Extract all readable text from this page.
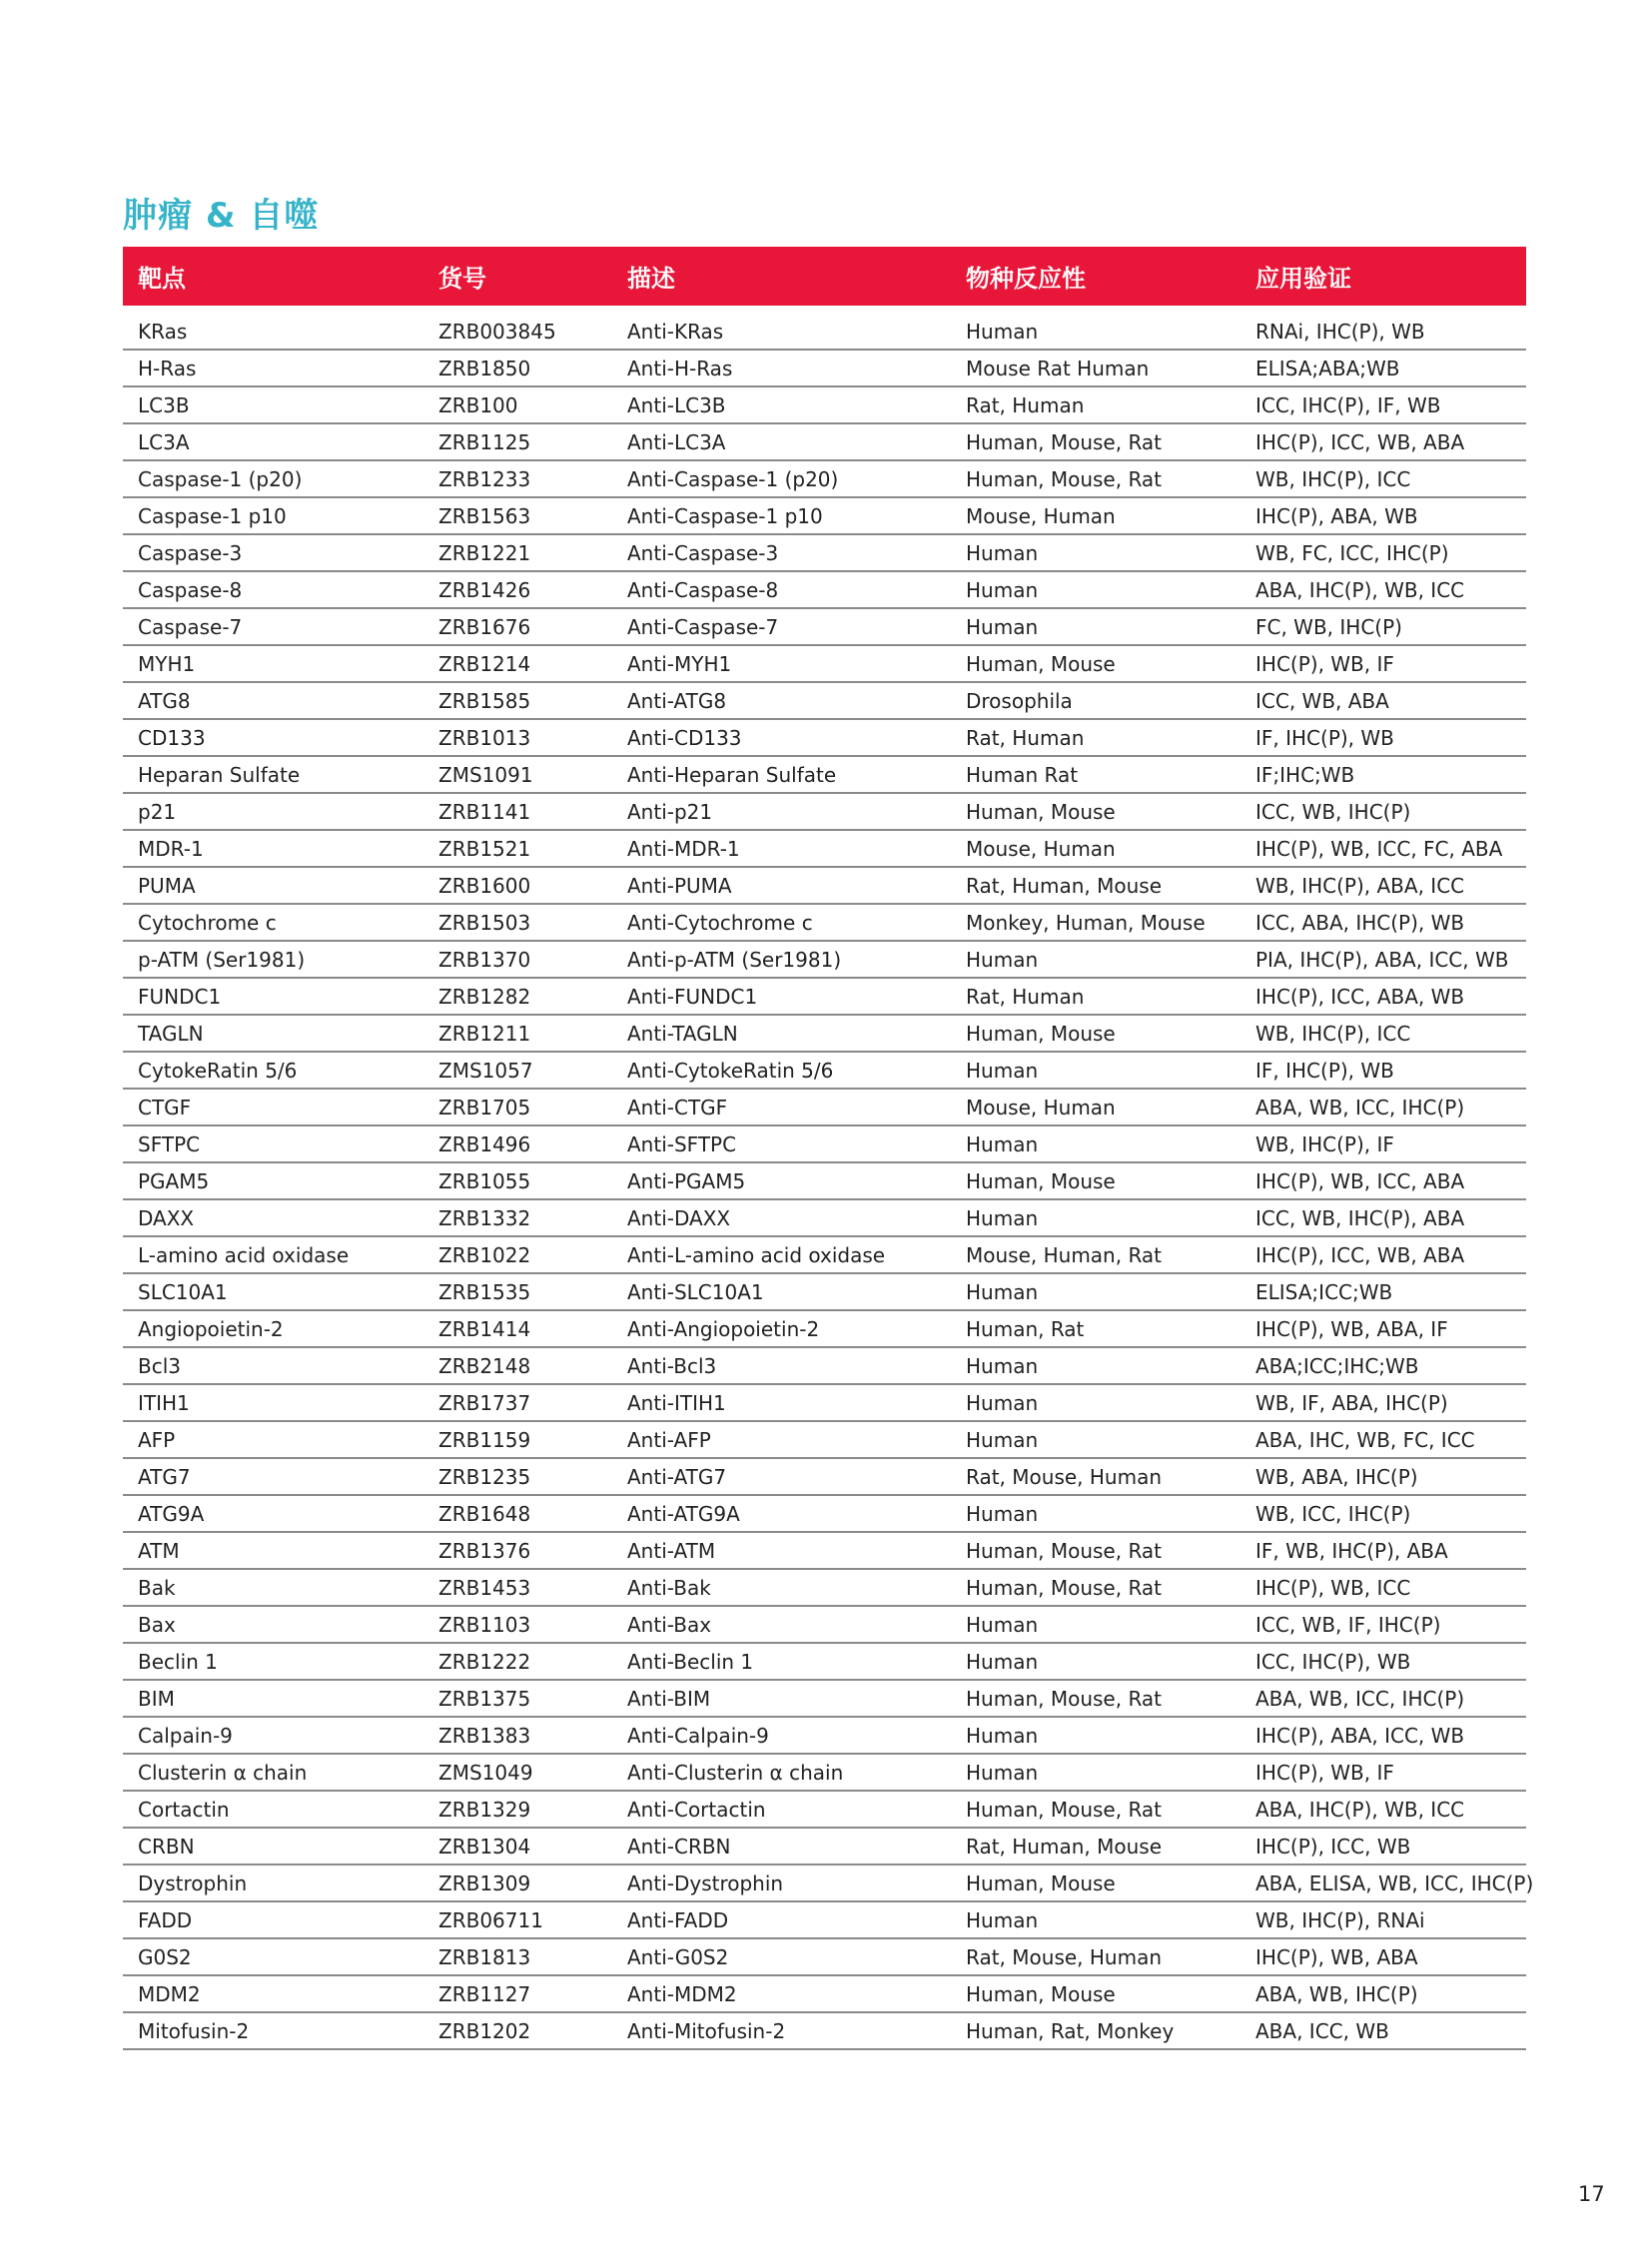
肿瘤 & 自噬
靶点	货号	描述	物种反应性	应用验证
KRas	ZRB003845	Anti-KRas	Human	RNAi, IHC(P), WB
H-Ras	ZRB1850	Anti-H-Ras	Mouse Rat Human	ELISA;ABA;WB
LC3B	ZRB100	Anti-LC3B	Rat, Human	ICC, IHC(P), IF, WB
LC3A	ZRB1125	Anti-LC3A	Human, Mouse, Rat	IHC(P), ICC, WB, ABA
Caspase-1 (p20)	ZRB1233	Anti-Caspase-1 (p20)	Human, Mouse, Rat	WB, IHC(P), ICC
Caspase-1 p10	ZRB1563	Anti-Caspase-1 p10	Mouse, Human	IHC(P), ABA, WB
Caspase-3	ZRB1221	Anti-Caspase-3	Human	WB, FC, ICC, IHC(P)
Caspase-8	ZRB1426	Anti-Caspase-8	Human	ABA, IHC(P), WB, ICC
Caspase-7	ZRB1676	Anti-Caspase-7	Human	FC, WB, IHC(P)
MYH1	ZRB1214	Anti-MYH1	Human, Mouse	IHC(P), WB, IF
ATG8	ZRB1585	Anti-ATG8	Drosophila	ICC, WB, ABA
CD133	ZRB1013	Anti-CD133	Rat, Human	IF, IHC(P), WB
Heparan Sulfate	ZMS1091	Anti-Heparan Sulfate	Human Rat	IF;IHC;WB
p21	ZRB1141	Anti-p21	Human, Mouse	ICC, WB, IHC(P)
MDR-1	ZRB1521	Anti-MDR-1	Mouse, Human	IHC(P), WB, ICC, FC, ABA
PUMA	ZRB1600	Anti-PUMA	Rat, Human, Mouse	WB, IHC(P), ABA, ICC
Cytochrome c	ZRB1503	Anti-Cytochrome c	Monkey, Human, Mouse	ICC, ABA, IHC(P), WB
p-ATM (Ser1981)	ZRB1370	Anti-p-ATM (Ser1981)	Human	PIA, IHC(P), ABA, ICC, WB
FUNDC1	ZRB1282	Anti-FUNDC1	Rat, Human	IHC(P), ICC, ABA, WB
TAGLN	ZRB1211	Anti-TAGLN	Human, Mouse	WB, IHC(P), ICC
CytokeRatin 5/6	ZMS1057	Anti-CytokeRatin 5/6	Human	IF, IHC(P), WB
CTGF	ZRB1705	Anti-CTGF	Mouse, Human	ABA, WB, ICC, IHC(P)
SFTPC	ZRB1496	Anti-SFTPC	Human	WB, IHC(P), IF
PGAM5	ZRB1055	Anti-PGAM5	Human, Mouse	IHC(P), WB, ICC, ABA
DAXX	ZRB1332	Anti-DAXX	Human	ICC, WB, IHC(P), ABA
L-amino acid oxidase	ZRB1022	Anti-L-amino acid oxidase	Mouse, Human, Rat	IHC(P), ICC, WB, ABA
SLC10A1	ZRB1535	Anti-SLC10A1	Human	ELISA;ICC;WB
Angiopoietin-2	ZRB1414	Anti-Angiopoietin-2	Human, Rat	IHC(P), WB, ABA, IF
Bcl3	ZRB2148	Anti-Bcl3	Human	ABA;ICC;IHC;WB
ITIH1	ZRB1737	Anti-ITIH1	Human	WB, IF, ABA, IHC(P)
AFP	ZRB1159	Anti-AFP	Human	ABA, IHC, WB, FC, ICC
ATG7	ZRB1235	Anti-ATG7	Rat, Mouse, Human	WB, ABA, IHC(P)
ATG9A	ZRB1648	Anti-ATG9A	Human	WB, ICC, IHC(P)
ATM	ZRB1376	Anti-ATM	Human, Mouse, Rat	IF, WB, IHC(P), ABA
Bak	ZRB1453	Anti-Bak	Human, Mouse, Rat	IHC(P), WB, ICC
Bax	ZRB1103	Anti-Bax	Human	ICC, WB, IF, IHC(P)
Beclin 1	ZRB1222	Anti-Beclin 1	Human	ICC, IHC(P), WB
BIM	ZRB1375	Anti-BIM	Human, Mouse, Rat	ABA, WB, ICC, IHC(P)
Calpain-9	ZRB1383	Anti-Calpain-9	Human	IHC(P), ABA, ICC, WB
Clusterin α chain	ZMS1049	Anti-Clusterin α chain	Human	IHC(P), WB, IF
Cortactin	ZRB1329	Anti-Cortactin	Human, Mouse, Rat	ABA, IHC(P), WB, ICC
CRBN	ZRB1304	Anti-CRBN	Rat, Human, Mouse	IHC(P), ICC, WB
Dystrophin	ZRB1309	Anti-Dystrophin	Human, Mouse	ABA, ELISA, WB, ICC, IHC(P)
FADD	ZRB06711	Anti-FADD	Human	WB, IHC(P), RNAi
G0S2	ZRB1813	Anti-G0S2	Rat, Mouse, Human	IHC(P), WB, ABA
MDM2	ZRB1127	Anti-MDM2	Human, Mouse	ABA, WB, IHC(P)
Mitofusin-2	ZRB1202	Anti-Mitofusin-2	Human, Rat, Monkey	ABA, ICC, WB
17
